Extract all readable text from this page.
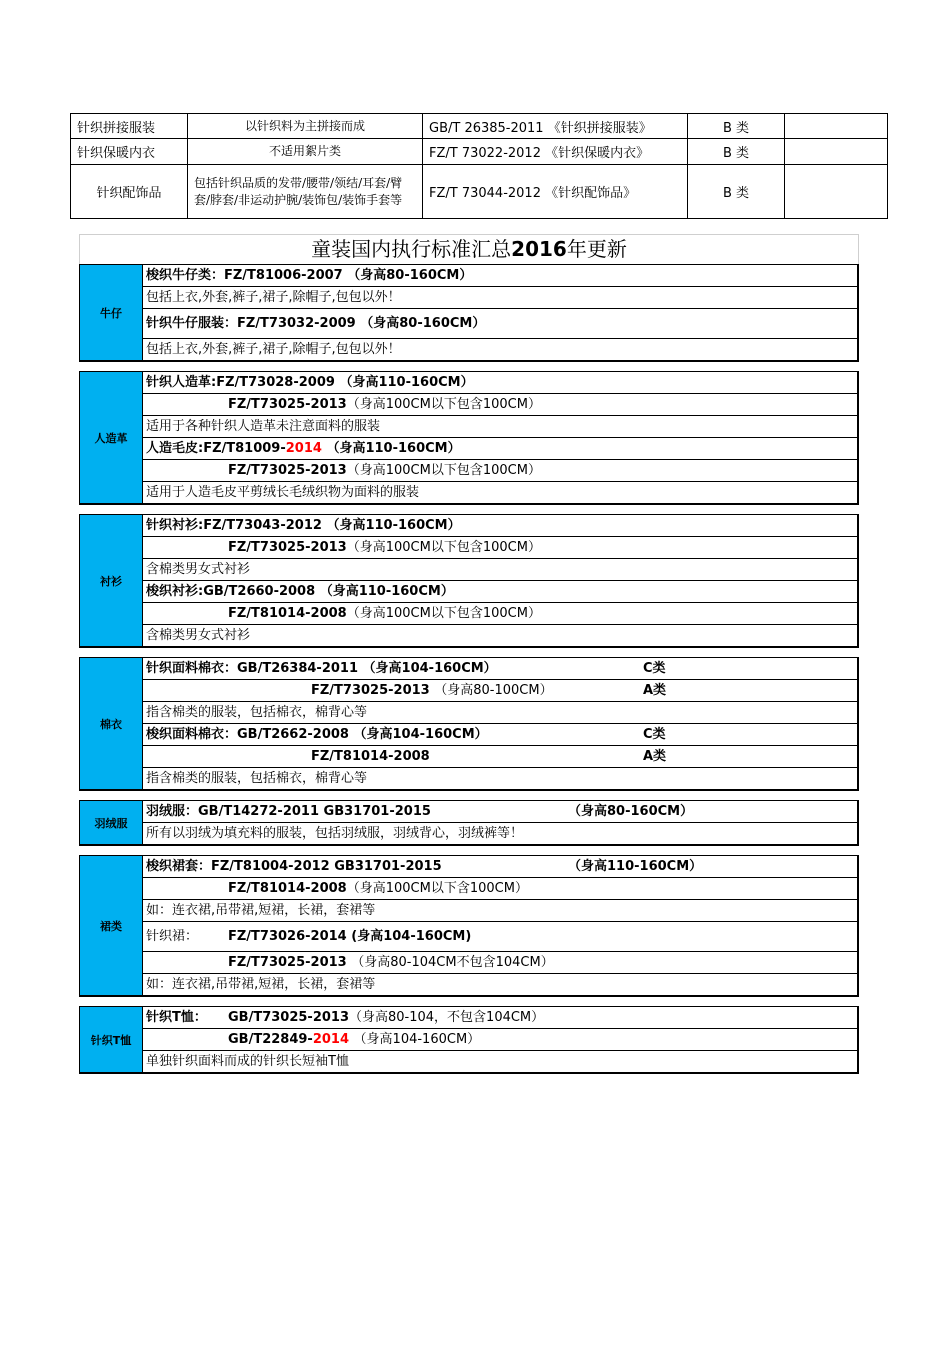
针织拼接服装	以针织料为主拼接而成	GB/T 26385-2011 《针织拼接服装》	B 类	
针织保暖内衣	不适用絮片类	FZ/T 73022-2012 《针织保暖内衣》	B 类	
针织配饰品	包括针织品质的发带/腰带/领结/耳套/臂套/脖套/非运动护腕/装饰包/装饰手套等	FZ/T 73044-2012 《针织配饰品》	B 类	
童装国内执行标准汇总2016年更新
牛仔
梭织牛仔类：FZ/T81006-2007 （身高80-160CM）
包括上衣,外套,裤子,裙子,除帽子,包包以外！
针织牛仔服装：FZ/T73032-2009 （身高80-160CM）
包括上衣,外套,裤子,裙子,除帽子,包包以外！
人造革
针织人造革:FZ/T73028-2009 （身高110-160CM）
FZ/T73025-2013（身高100CM以下包含100CM）
适用于各种针织人造革未注意面料的服装
人造毛皮:FZ/T81009-2014 （身高110-160CM）
FZ/T73025-2013（身高100CM以下包含100CM）
适用于人造毛皮平剪绒长毛绒织物为面料的服装
衬衫
针织衬衫:FZ/T73043-2012 （身高110-160CM）
FZ/T73025-2013（身高100CM以下包含100CM）
含棉类男女式衬衫
梭织衬衫:GB/T2660-2008 （身高110-160CM）
FZ/T81014-2008（身高100CM以下包含100CM）
含棉类男女式衬衫
棉衣
针织面料棉衣：GB/T26384-2011 （身高104-160CM）	C类
FZ/T73025-2013 （身高80-100CM）	A类
指含棉类的服装，包括棉衣，棉背心等
梭织面料棉衣：GB/T2662-2008 （身高104-160CM）	C类
FZ/T81014-2008	A类
指含棉类的服装，包括棉衣，棉背心等
羽绒服
羽绒服：GB/T14272-2011 GB31701-2015	（身高80-160CM）
所有以羽绒为填充料的服装，包括羽绒服，羽绒背心，羽绒裤等！
裙类
梭织裙套：FZ/T81004-2012 GB31701-2015	（身高110-160CM）
FZ/T81014-2008（身高100CM以下含100CM）
如：连衣裙,吊带裙,短裙，长裙，套裙等
针织裙： FZ/T73026-2014 (身高104-160CM)
FZ/T73025-2013 （身高80-104CM不包含104CM）
如：连衣裙,吊带裙,短裙，长裙，套裙等
针织T恤
针织T恤： GB/T73025-2013（身高80-104，不包含104CM）
GB/T22849-2014 （身高104-160CM）
单独针织面料而成的针织长短袖T恤
